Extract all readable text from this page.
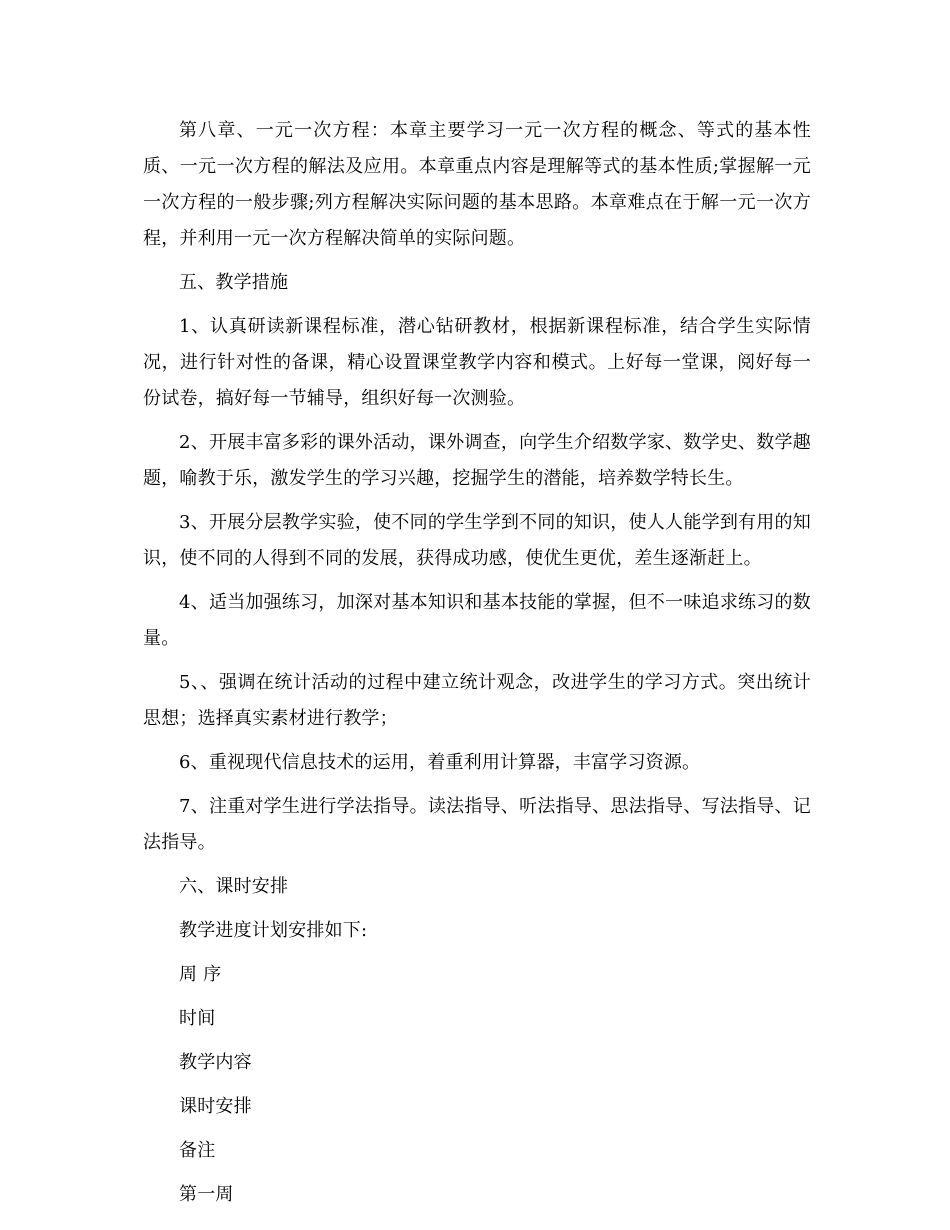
第八章、一元一次方程：本章主要学习一元一次方程的概念、等式的基本性质、一元一次方程的解法及应用。本章重点内容是理解等式的基本性质;掌握解一元一次方程的一般步骤;列方程解决实际问题的基本思路。本章难点在于解一元一次方程，并利用一元一次方程解决简单的实际问题。

五、教学措施

1、认真研读新课程标准，潜心钻研教材，根据新课程标准，结合学生实际情况，进行针对性的备课，精心设置课堂教学内容和模式。上好每一堂课，阅好每一份试卷，搞好每一节辅导，组织好每一次测验。

2、开展丰富多彩的课外活动，课外调查，向学生介绍数学家、数学史、数学趣题，喻教于乐，激发学生的学习兴趣，挖掘学生的潜能，培养数学特长生。

3、开展分层教学实验，使不同的学生学到不同的知识，使人人能学到有用的知识，使不同的人得到不同的发展，获得成功感，使优生更优，差生逐渐赶上。

4、适当加强练习，加深对基本知识和基本技能的掌握，但不一味追求练习的数量。

5、、强调在统计活动的过程中建立统计观念，改进学生的学习方式。突出统计思想；选择真实素材进行教学；

6、重视现代信息技术的运用，着重利用计算器，丰富学习资源。

7、注重对学生进行学法指导。读法指导、听法指导、思法指导、写法指导、记法指导。

六、课时安排

教学进度计划安排如下:

周 序

时间

教学内容

课时安排

备注

第一周
